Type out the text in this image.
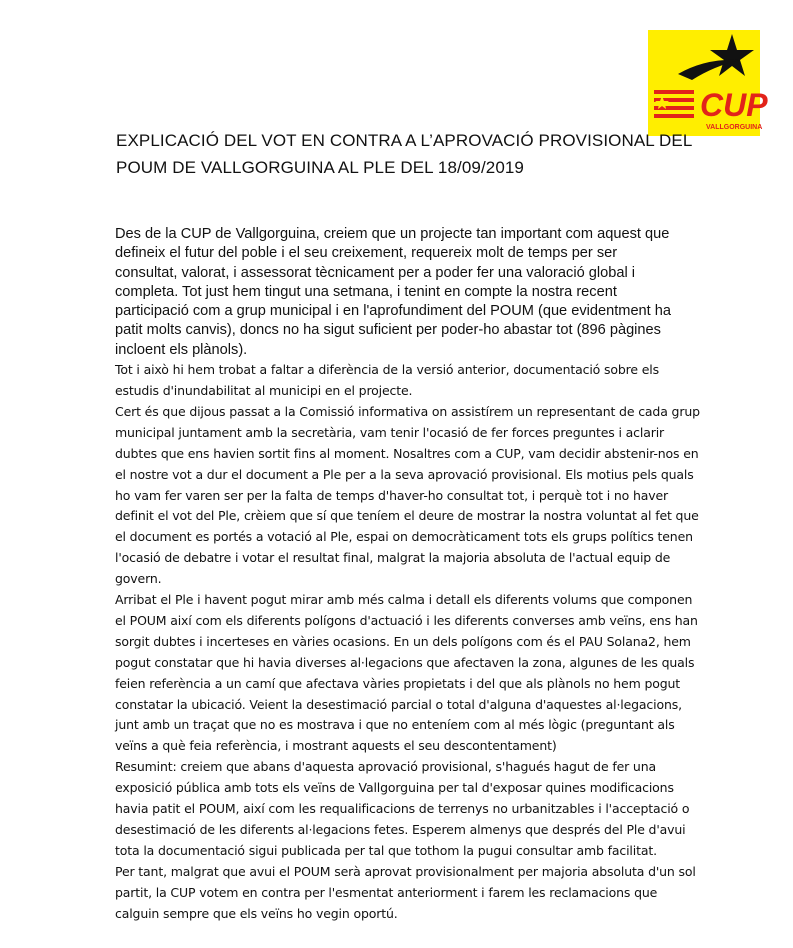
CUP
VALLGORGUINA
EXPLICACIÓ DEL VOT EN CONTRA A L’APROVACIÓ PROVISIONAL DEL
POUM DE VALLGORGUINA AL PLE DEL 18/09/2019
Des de la CUP de Vallgorguina, creiem que un projecte tan important com aquest que
defineix el futur del poble i el seu creixement, requereix molt de temps per ser
consultat, valorat, i assessorat tècnicament per a poder fer una valoració global i
completa. Tot just hem tingut una setmana, i tenint en compte la nostra recent
participació com a grup municipal i en l'aprofundiment del POUM (que evidentment ha
patit molts canvis), doncs no ha sigut suficient per poder-ho abastar tot (896 pàgines
incloent els plànols).
Tot i això hi hem trobat a faltar a diferència de la versió anterior, documentació sobre els
estudis d'inundabilitat al municipi en el projecte.
Cert és que dijous passat a la Comissió informativa on assistírem un representant de cada grup
municipal juntament amb la secretària, vam tenir l'ocasió de fer forces preguntes i aclarir
dubtes que ens havien sortit fins al moment. Nosaltres com a CUP, vam decidir abstenir-nos en
el nostre vot a dur el document a Ple per a la seva aprovació provisional. Els motius pels quals
ho vam fer varen ser per la falta de temps d'haver-ho consultat tot, i perquè tot i no haver
definit el vot del Ple, crèiem que sí que teníem el deure de mostrar la nostra voluntat al fet que
el document es portés a votació al Ple, espai on democràticament tots els grups polítics tenen
l'ocasió de debatre i votar el resultat final, malgrat la majoria absoluta de l'actual equip de
govern.
Arribat el Ple i havent pogut mirar amb més calma i detall els diferents volums que componen
el POUM així com els diferents polígons d'actuació i les diferents converses amb veïns, ens han
sorgit dubtes i incerteses en vàries ocasions. En un dels polígons com és el PAU Solana2, hem
pogut constatar que hi havia diverses al·legacions que afectaven la zona, algunes de les quals
feien referència a un camí que afectava vàries propietats i del que als plànols no hem pogut
constatar la ubicació. Veient la desestimació parcial o total d'alguna d'aquestes al·legacions,
junt amb un traçat que no es mostrava i que no enteníem com al més lògic (preguntant als
veïns a què feia referència, i mostrant aquests el seu descontentament)
Resumint: creiem que abans d'aquesta aprovació provisional, s'hagués hagut de fer una
exposició pública amb tots els veïns de Vallgorguina per tal d'exposar quines modificacions
havia patit el POUM, així com les requalificacions de terrenys no urbanitzables i l'acceptació o
desestimació de les diferents al·legacions fetes. Esperem almenys que després del Ple d'avui
tota la documentació sigui publicada per tal que tothom la pugui consultar amb facilitat.
Per tant, malgrat que avui el POUM serà aprovat provisionalment per majoria absoluta d'un sol
partit, la CUP votem en contra per l'esmentat anteriorment i farem les reclamacions que
calguin sempre que els veïns ho vegin oportú.
